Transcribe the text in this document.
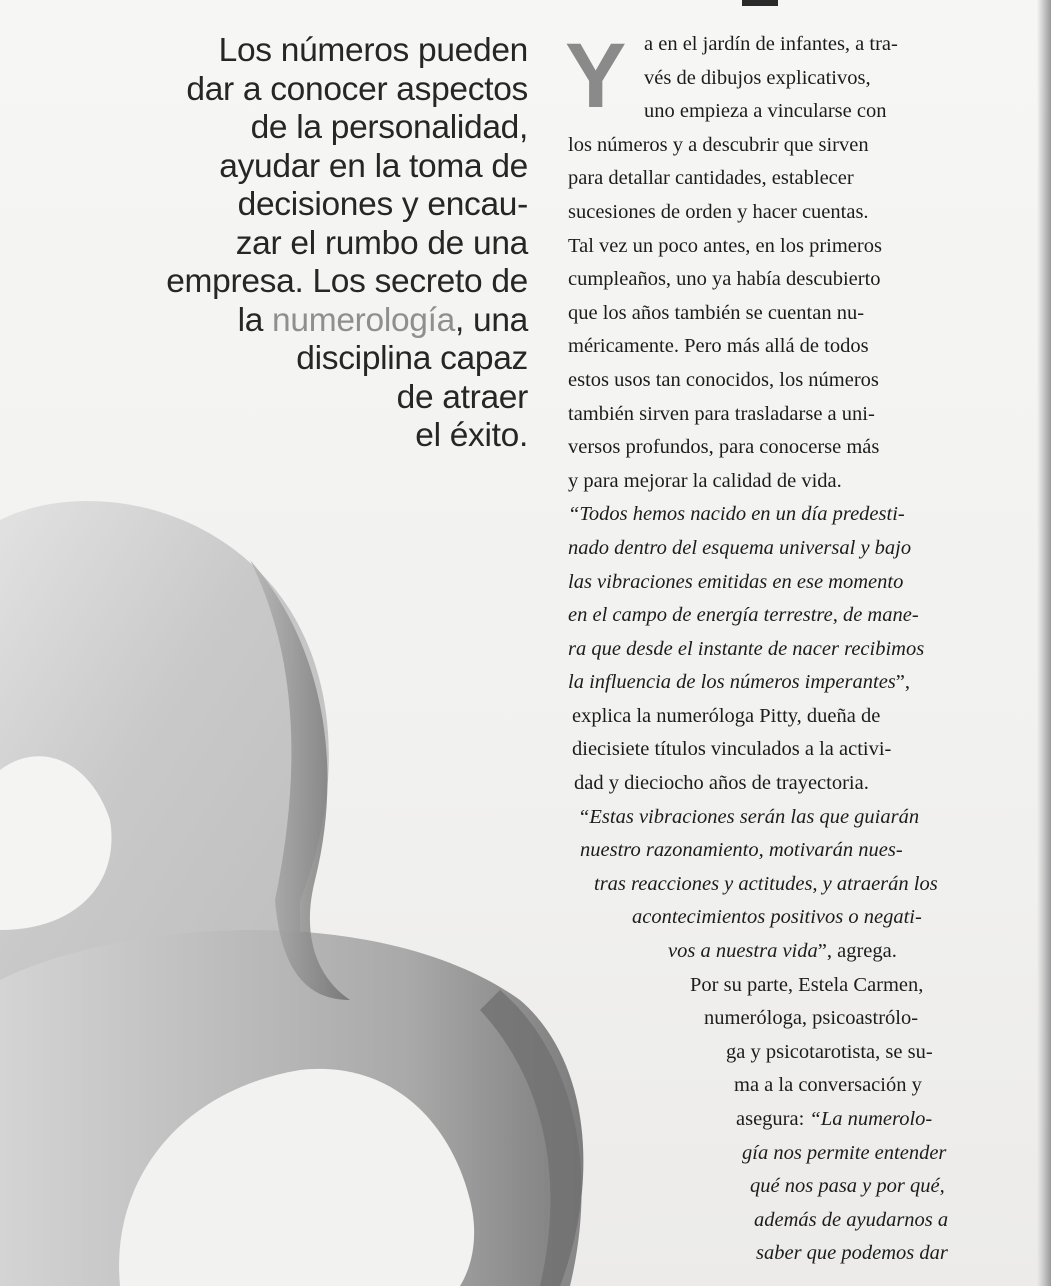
Los números pueden
dar a conocer aspectos
de la personalidad,
ayudar en la toma de
decisiones y encau-
zar el rumbo de una
empresa. Los secreto de
la numerología, una
disciplina capaz
de atraer
el éxito.
Y a en el jardín de infantes, a tra-
vés de dibujos explicativos,
uno empieza a vincularse con
los números y a descubrir que sirven
para detallar cantidades, establecer
sucesiones de orden y hacer cuentas.
Tal vez un poco antes, en los primeros
cumpleaños, uno ya había descubierto
que los años también se cuentan nu-
méricamente. Pero más allá de todos
estos usos tan conocidos, los números
también sirven para trasladarse a uni-
versos profundos, para conocerse más
y para mejorar la calidad de vida.
“Todos hemos nacido en un día predesti-
nado dentro del esquema universal y bajo
las vibraciones emitidas en ese momento
en el campo de energía terrestre, de mane-
ra que desde el instante de nacer recibimos
la influencia de los números imperantes”,
explica la numeróloga Pitty, dueña de
diecisiete títulos vinculados a la activi-
dad y dieciocho años de trayectoria.
“Estas vibraciones serán las que guiarán
nuestro razonamiento, motivarán nues-
tras reacciones y actitudes, y atraerán los
acontecimientos positivos o negati-
vos a nuestra vida”, agrega.
Por su parte, Estela Carmen,
numeróloga, psicoastrólo-
ga y psicotarotista, se su-
ma a la conversación y
asegura: “La numerolo-
gía nos permite entender
qué nos pasa y por qué,
además de ayudarnos a
saber que podemos dar
